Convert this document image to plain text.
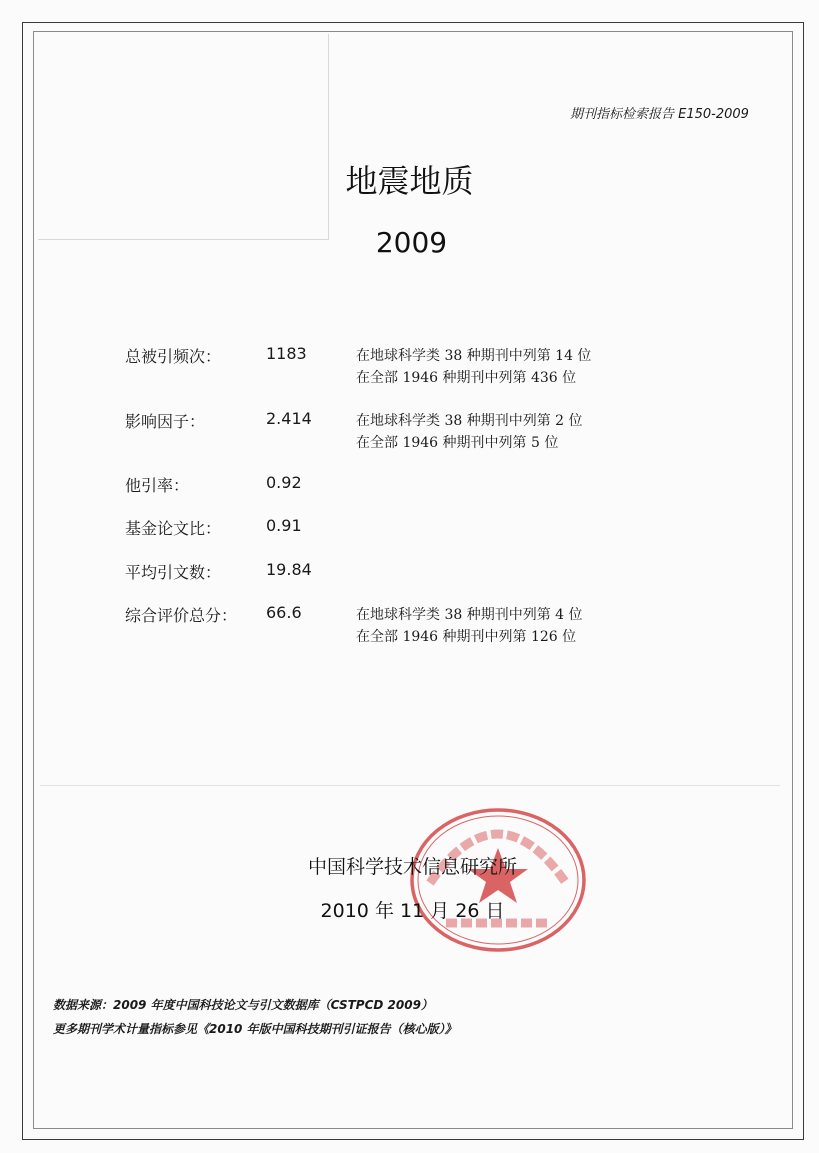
期刊指标检索报告 E150-2009
地震地质
2009
总被引频次：	1183	在地球科学类 38 种期刊中列第 14 位
在全部 1946 种期刊中列第 436 位
影响因子：	2.414	在地球科学类 38 种期刊中列第 2 位
在全部 1946 种期刊中列第 5 位
他引率：	0.92
基金论文比：	0.91
平均引文数：	19.84
综合评价总分： 66.6	在地球科学类 38 种期刊中列第 4 位
在全部 1946 种期刊中列第 126 位
中国科学技术信息研究所
2010 年 11 月 26 日
数据来源：2009 年度中国科技论文与引文数据库（CSTPCD 2009）
更多期刊学术计量指标参见《2010 年版中国科技期刊引证报告（核心版）》
